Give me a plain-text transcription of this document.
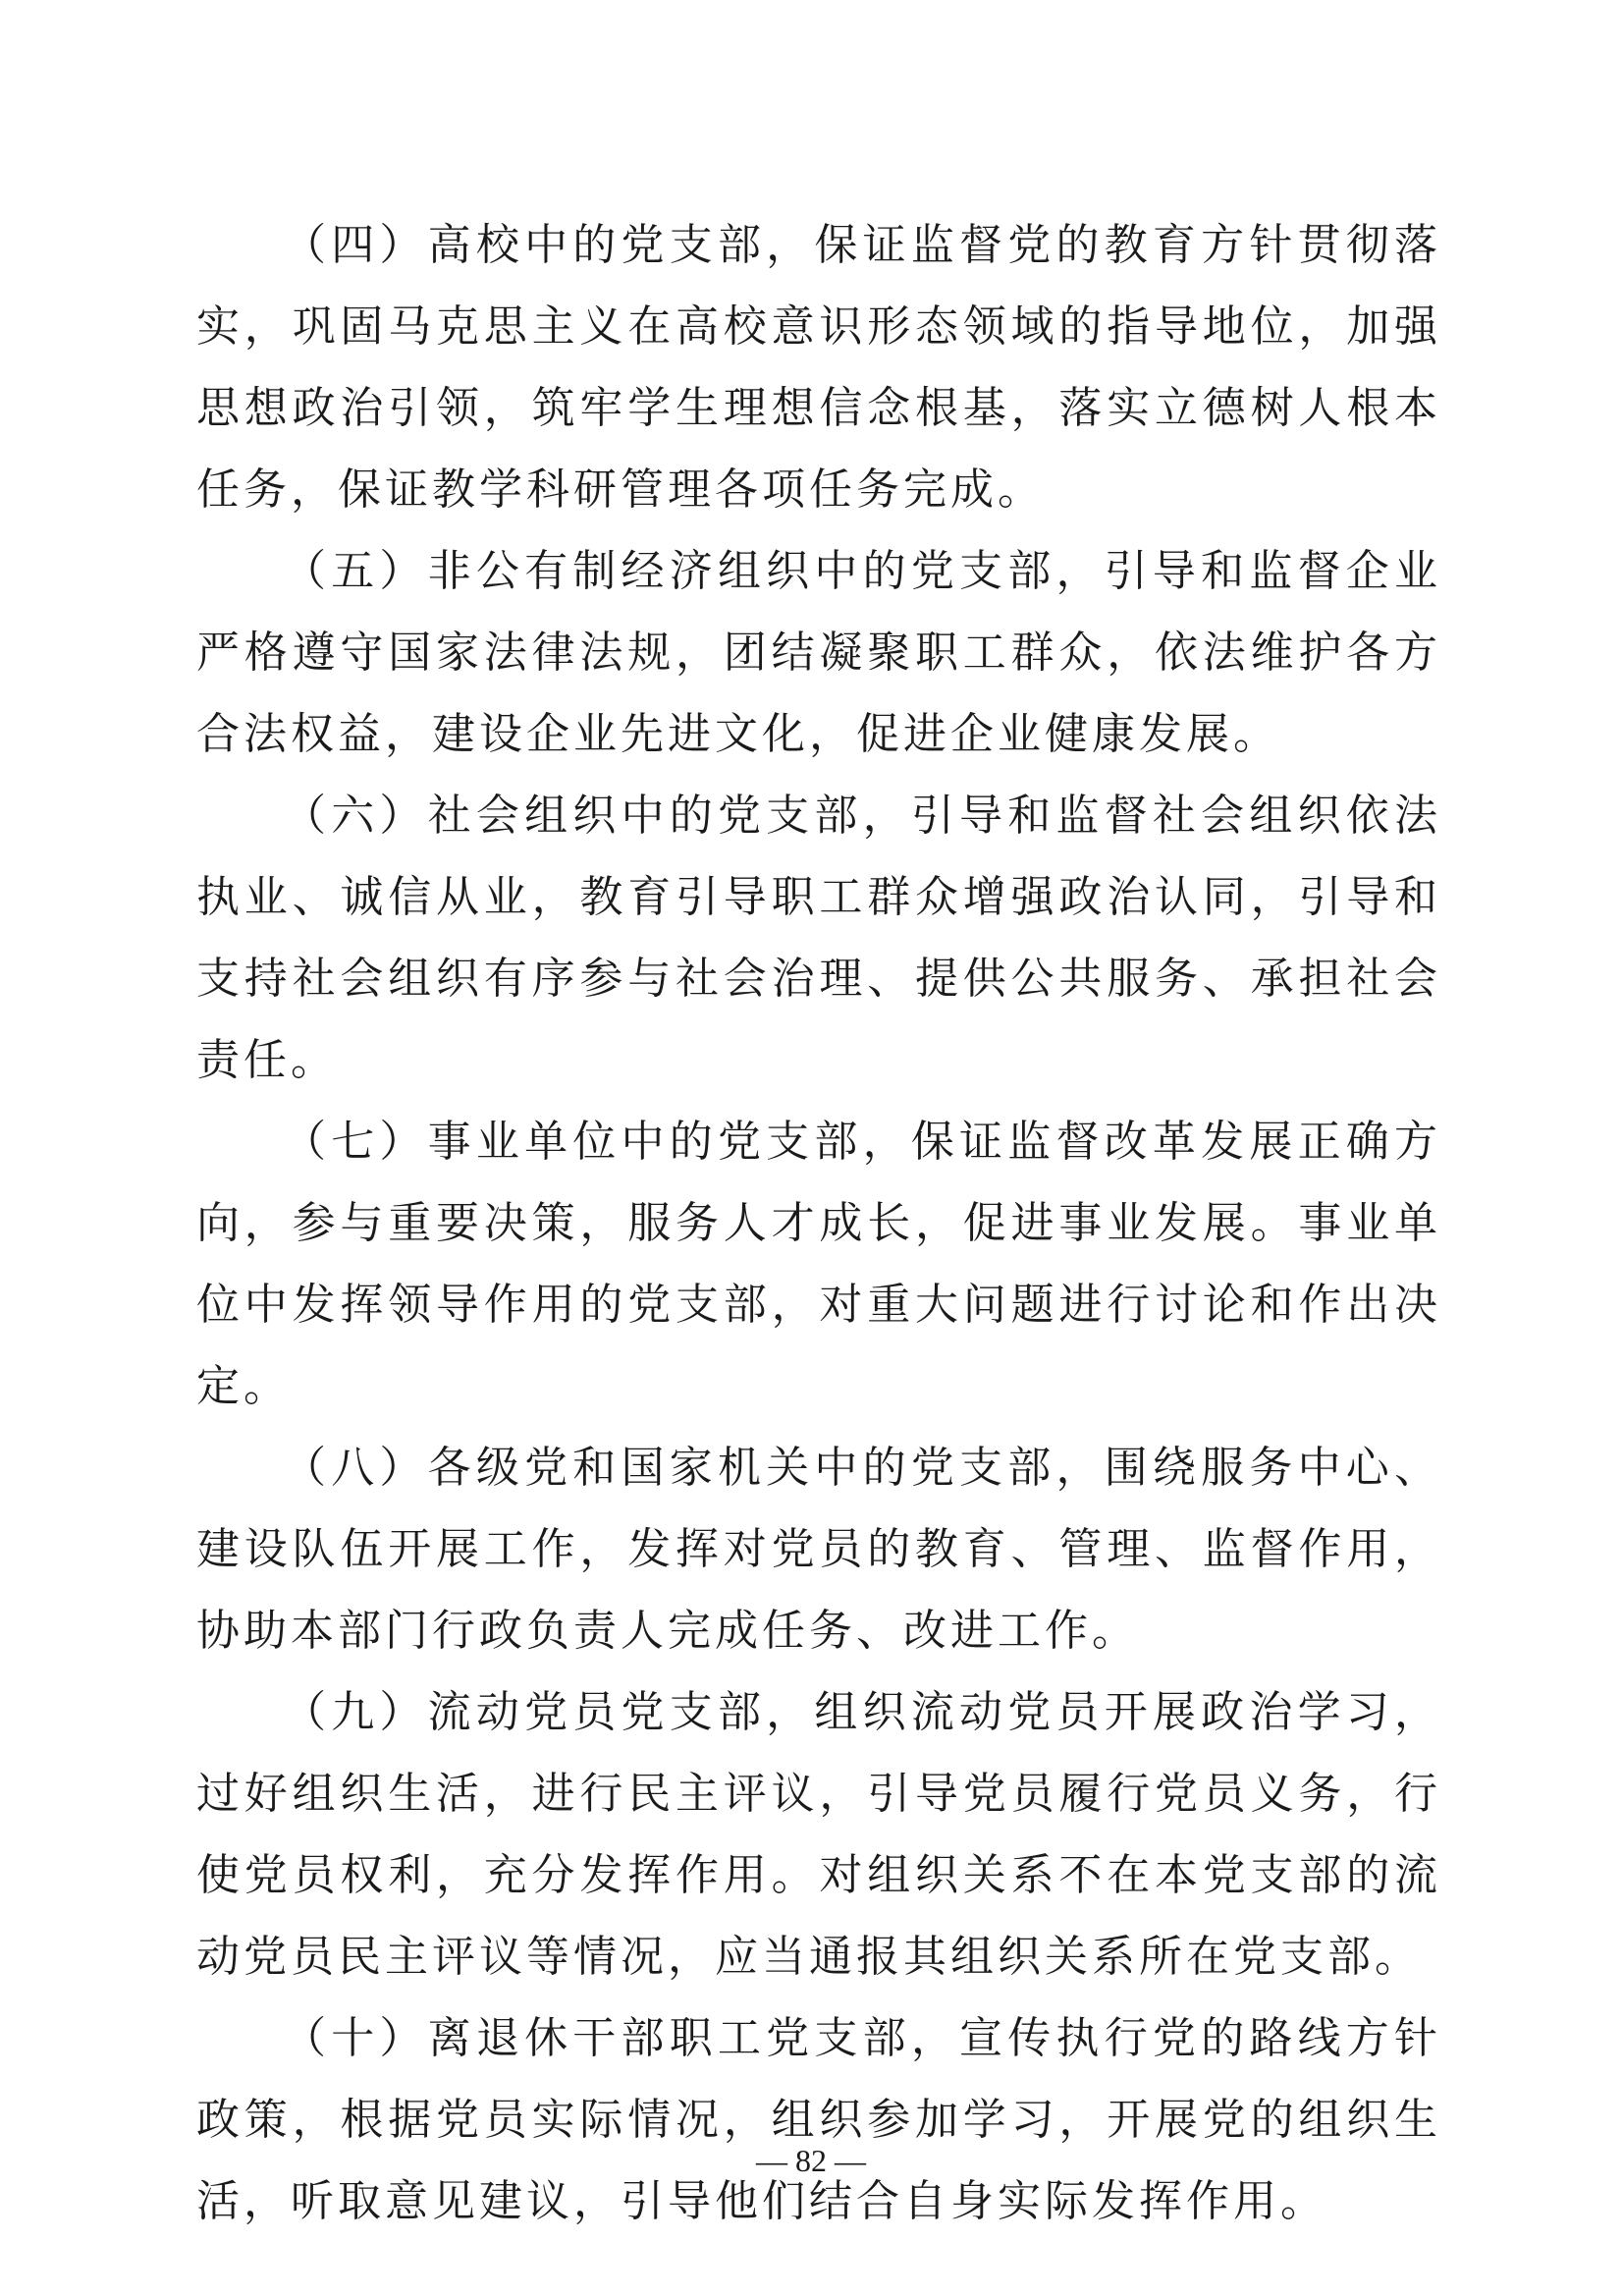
（四）高校中的党支部，保证监督党的教育方针贯彻落实，巩固马克思主义在高校意识形态领域的指导地位，加强思想政治引领，筑牢学生理想信念根基，落实立德树人根本任务，保证教学科研管理各项任务完成。

（五）非公有制经济组织中的党支部，引导和监督企业严格遵守国家法律法规，团结凝聚职工群众，依法维护各方合法权益，建设企业先进文化，促进企业健康发展。

（六）社会组织中的党支部，引导和监督社会组织依法执业、诚信从业，教育引导职工群众增强政治认同，引导和支持社会组织有序参与社会治理、提供公共服务、承担社会责任。

（七）事业单位中的党支部，保证监督改革发展正确方向，参与重要决策，服务人才成长，促进事业发展。事业单位中发挥领导作用的党支部，对重大问题进行讨论和作出决定。

（八）各级党和国家机关中的党支部，围绕服务中心、建设队伍开展工作，发挥对党员的教育、管理、监督作用，协助本部门行政负责人完成任务、改进工作。

（九）流动党员党支部，组织流动党员开展政治学习，过好组织生活，进行民主评议，引导党员履行党员义务，行使党员权利，充分发挥作用。对组织关系不在本党支部的流动党员民主评议等情况，应当通报其组织关系所在党支部。

（十）离退休干部职工党支部，宣传执行党的路线方针政策，根据党员实际情况，组织参加学习，开展党的组织生活，听取意见建议，引导他们结合自身实际发挥作用。

— 82 —
